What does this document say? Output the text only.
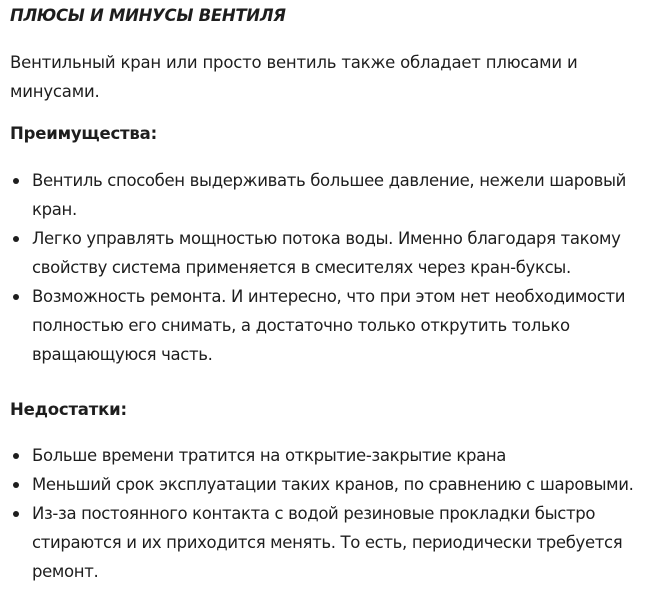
ПЛЮСЫ И МИНУСЫ ВЕНТИЛЯ

Вентильный кран или просто вентиль также обладает плюсами и минусами.

Преимущества:
Вентиль способен выдерживать большее давление, нежели шаровый кран.
Легко управлять мощностью потока воды. Именно благодаря такому свойству система применяется в смесителях через кран-буксы.
Возможность ремонта. И интересно, что при этом нет необходимости полностью его снимать, а достаточно только открутить только вращающуюся часть.
Недостатки:
Больше времени тратится на открытие-закрытие крана
Меньший срок эксплуатации таких кранов, по сравнению с шаровыми.
Из-за постоянного контакта с водой резиновые прокладки быстро стираются и их приходится менять. То есть, периодически требуется ремонт.
